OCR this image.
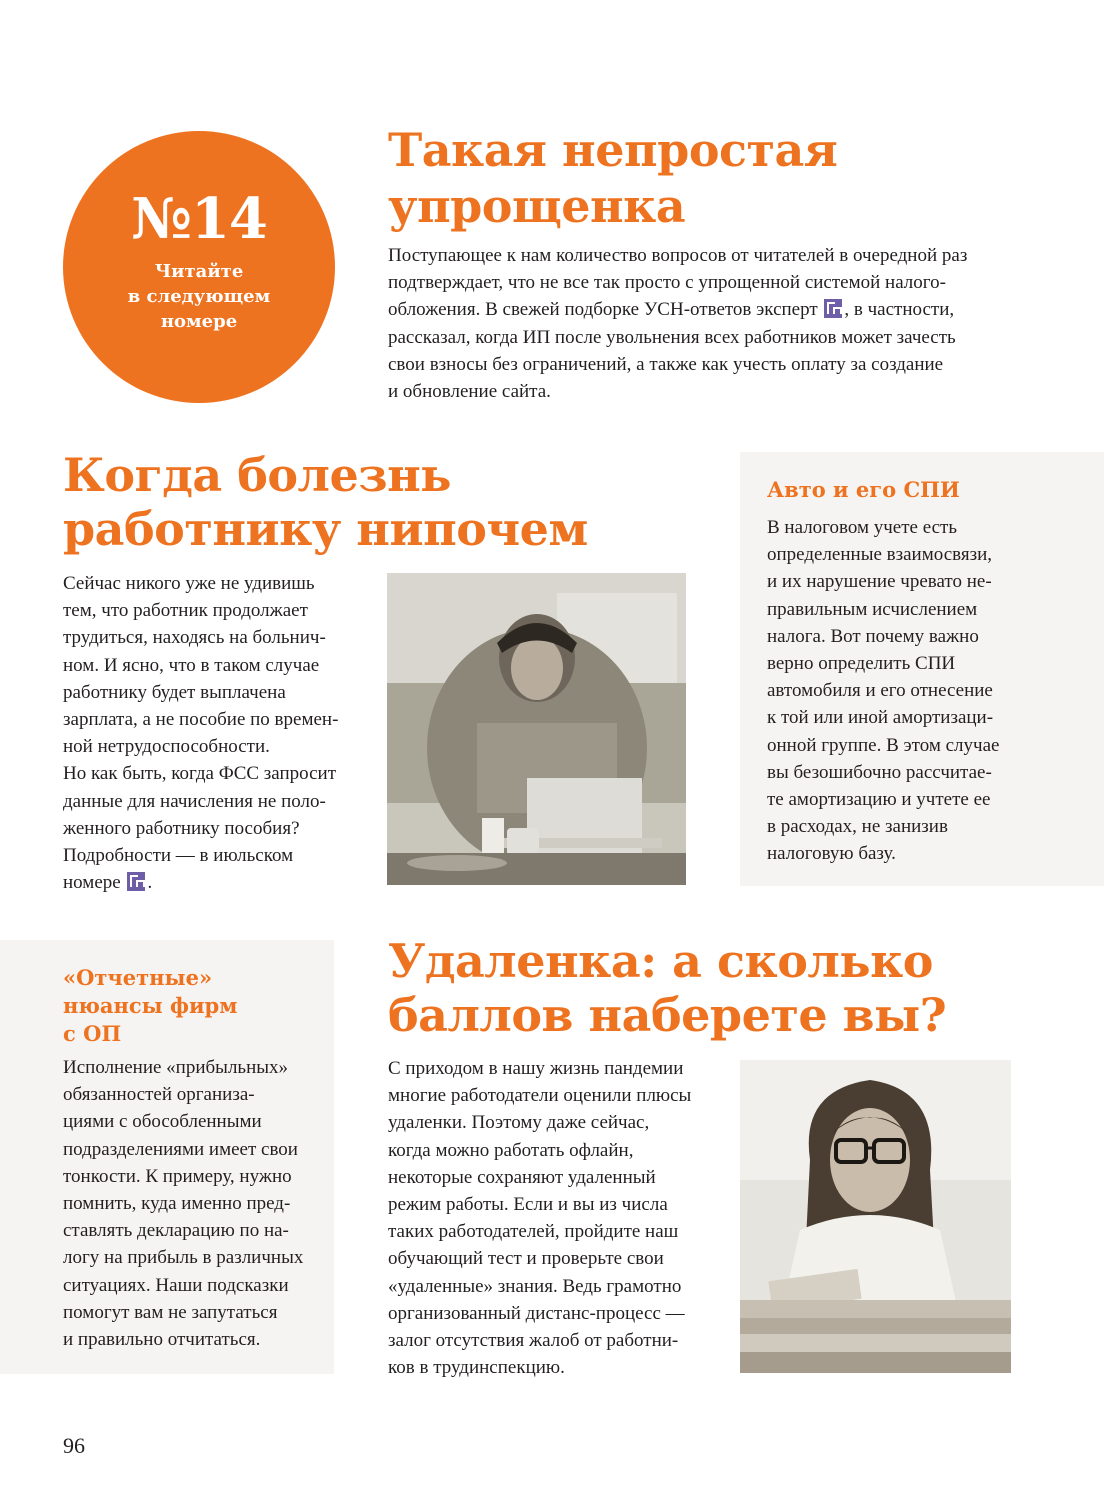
№14
Читайте
в следующем
номере
Такая непростая
упрощенка
Поступающее к нам количество вопросов от читателей в очередной раз
подтверждает, что не все так просто с упрощенной системой налого-
обложения. В свежей подборке УСН-ответов эксперт , в частности,
рассказал, когда ИП после увольнения всех работников может зачесть
свои взносы без ограничений, а также как учесть оплату за создание
и обновление сайта.
Когда болезнь
работнику нипочем
Сейчас никого уже не удивишь
тем, что работник продолжает
трудиться, находясь на больнич-
ном. И ясно, что в таком случае
работнику будет выплачена
зарплата, а не пособие по времен-
ной нетрудоспособности.
Но как быть, когда ФСС запросит
данные для начисления не поло-
женного работнику пособия?
Подробности — в июльском
номере .
Авто и его СПИ
В налоговом учете есть
определенные взаимосвязи,
и их нарушение чревато не-
правильным исчислением
налога. Вот почему важно
верно определить СПИ
автомобиля и его отнесение
к той или иной амортизаци-
онной группе. В этом случае
вы безошибочно рассчитае-
те амортизацию и учтете ее
в расходах, не занизив
налоговую базу.
«Отчетные»
нюансы фирм
с ОП
Исполнение «прибыльных»
обязанностей организа-
циями с обособленными
подразделениями имеет свои
тонкости. К примеру, нужно
помнить, куда именно пред-
ставлять декларацию по на-
логу на прибыль в различных
ситуациях. Наши подсказки
помогут вам не запутаться
и правильно отчитаться.
Удаленка: а сколько
баллов наберете вы?
С приходом в нашу жизнь пандемии
многие работодатели оценили плюсы
удаленки. Поэтому даже сейчас,
когда можно работать офлайн,
некоторые сохраняют удаленный
режим работы. Если и вы из числа
таких работодателей, пройдите наш
обучающий тест и проверьте свои
«удаленные» знания. Ведь грамотно
организованный дистанс-процесс —
залог отсутствия жалоб от работни-
ков в трудинспекцию.
96
